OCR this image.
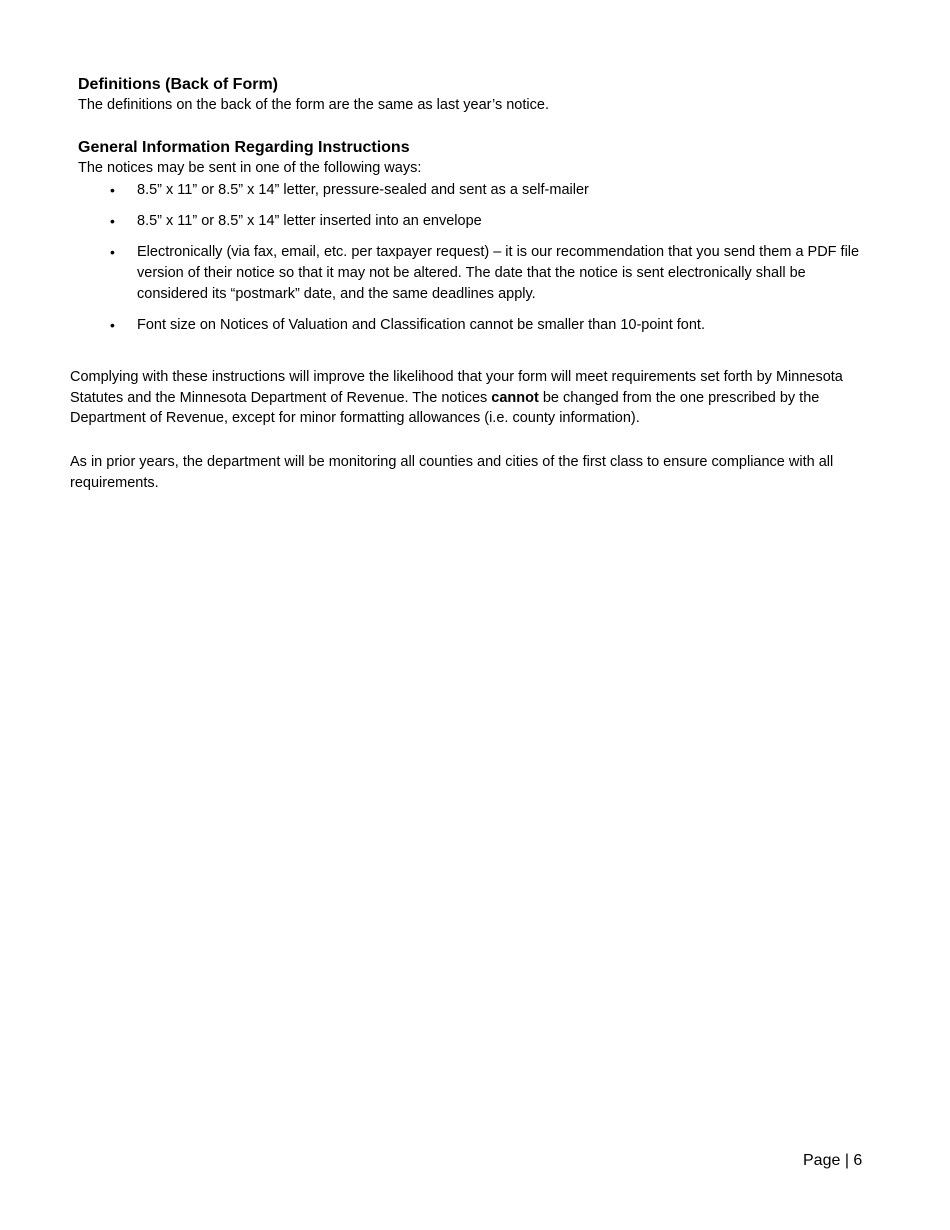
Definitions (Back of Form)

The definitions on the back of the form are the same as last year’s notice.

General Information Regarding Instructions

The notices may be sent in one of the following ways:

• 8.5” x 11” or 8.5” x 14” letter, pressure-sealed and sent as a self-mailer
• 8.5” x 11” or 8.5” x 14” letter inserted into an envelope
• Electronically (via fax, email, etc. per taxpayer request) – it is our recommendation that you send them a PDF file version of their notice so that it may not be altered. The date that the notice is sent electronically shall be considered its “postmark” date, and the same deadlines apply.
• Font size on Notices of Valuation and Classification cannot be smaller than 10-point font.

Complying with these instructions will improve the likelihood that your form will meet requirements set forth by Minnesota Statutes and the Minnesota Department of Revenue. The notices cannot be changed from the one prescribed by the Department of Revenue, except for minor formatting allowances (i.e. county information).

As in prior years, the department will be monitoring all counties and cities of the first class to ensure compliance with all requirements.

Page | 6
